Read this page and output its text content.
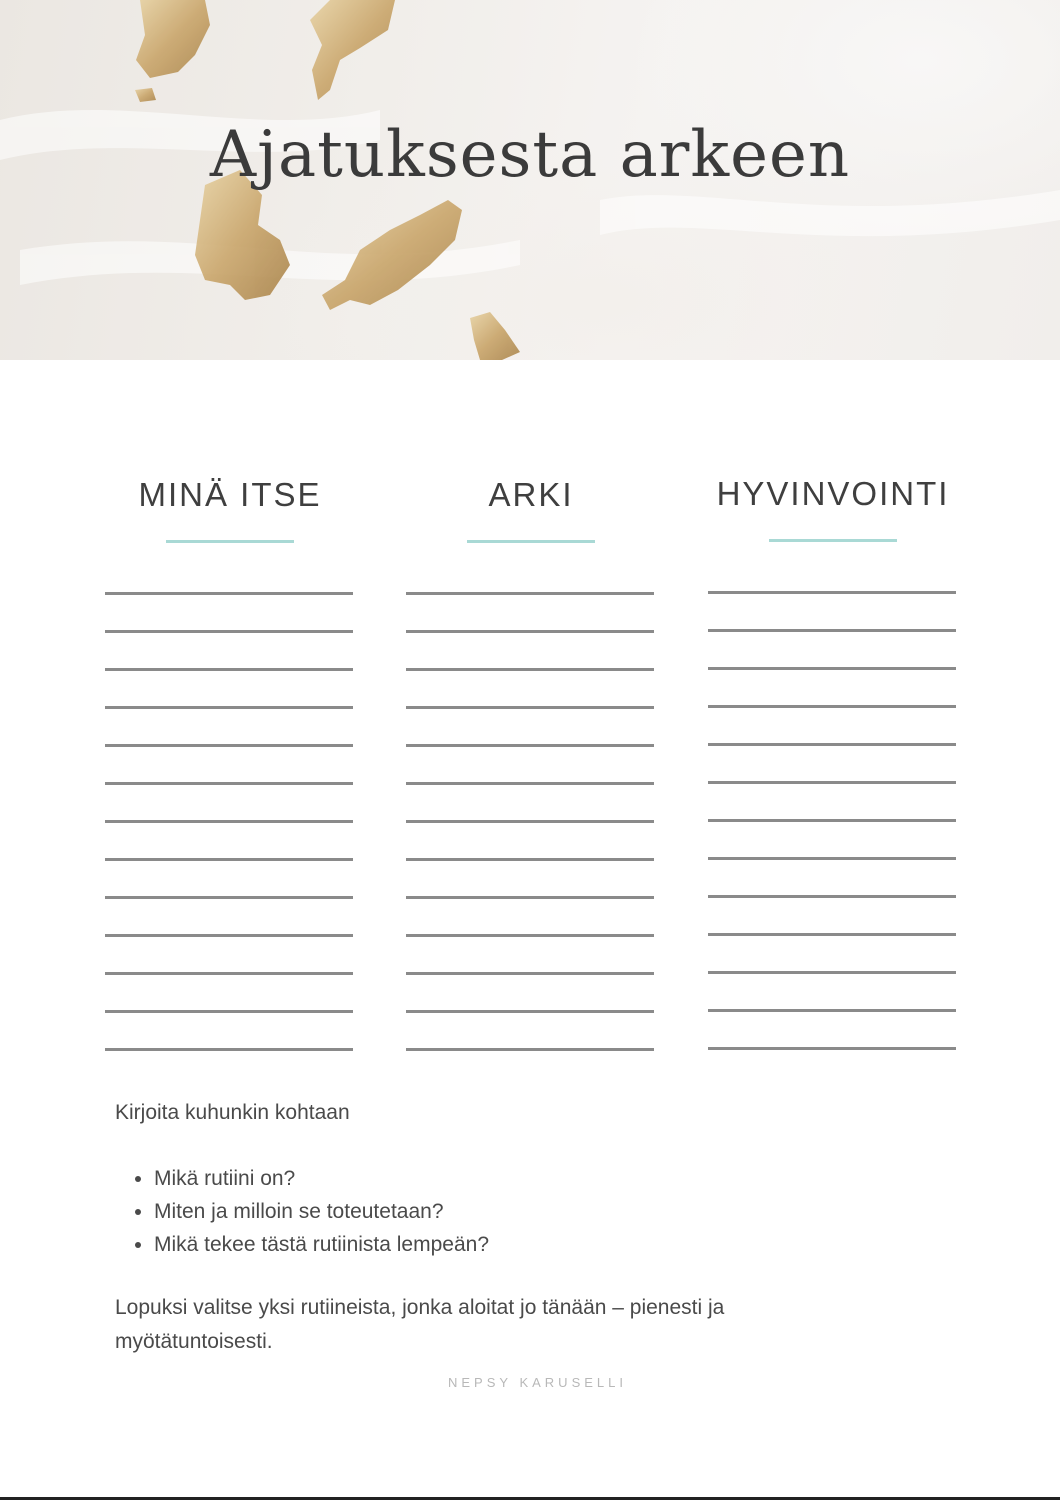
Ajatuksesta arkeen
MINÄ ITSE	ARKI	HYVINVOINTI

Kirjoita kuhunkin kohtaan

• Mikä rutiini on?
• Miten ja milloin se toteutetaan?
• Mikä tekee tästä rutiinista lempeän?

Lopuksi valitse yksi rutiineista, jonka aloitat jo tänään – pienesti ja myötätuntoisesti.

NEPSY KARUSELLI
